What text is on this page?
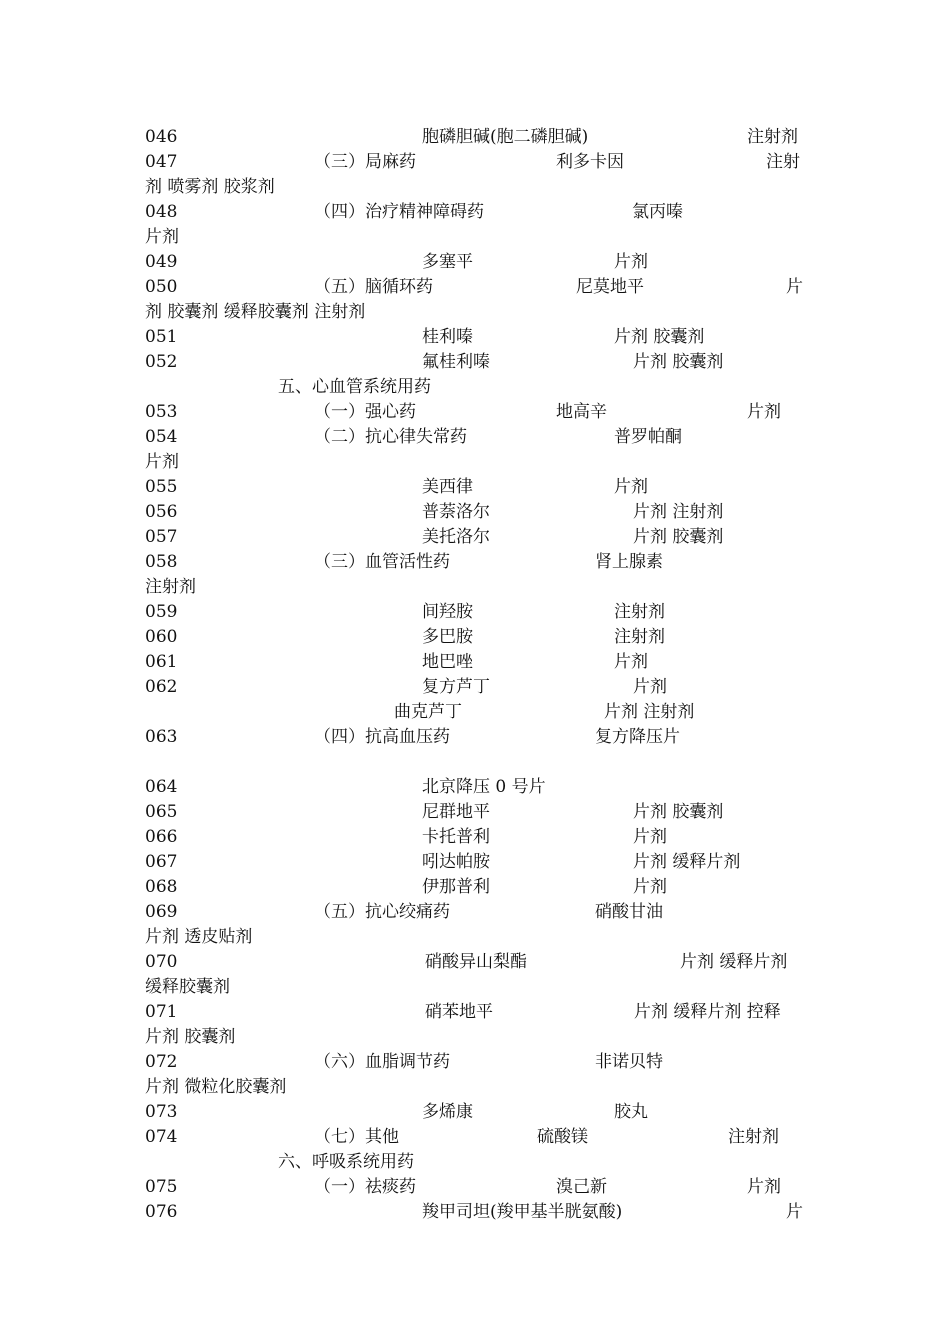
046	胞磷胆碱(胞二磷胆碱)	注射剂
047	（三）局麻药	利多卡因	注射
剂 喷雾剂 胶浆剂
048	（四）治疗精神障碍药	氯丙嗪
片剂
049	多塞平	片剂
050	（五）脑循环药	尼莫地平	片
剂 胶囊剂 缓释胶囊剂 注射剂
051	桂利嗪	片剂 胶囊剂
052	氟桂利嗪	片剂 胶囊剂
五、心血管系统用药
053	（一）强心药	地高辛	片剂
054	（二）抗心律失常药	普罗帕酮
片剂
055	美西律	片剂
056	普萘洛尔	片剂 注射剂
057	美托洛尔	片剂 胶囊剂
058	（三）血管活性药	肾上腺素
注射剂
059	间羟胺	注射剂
060	多巴胺	注射剂
061	地巴唑	片剂
062	复方芦丁	片剂
曲克芦丁	片剂 注射剂
063	（四）抗高血压药	复方降压片
064	北京降压 0 号片
065	尼群地平	片剂 胶囊剂
066	卡托普利	片剂
067	吲达帕胺	片剂 缓释片剂
068	伊那普利	片剂
069	（五）抗心绞痛药	硝酸甘油
片剂 透皮贴剂
070	硝酸异山梨酯	片剂 缓释片剂
缓释胶囊剂
071	硝苯地平	片剂 缓释片剂 控释
片剂 胶囊剂
072	（六）血脂调节药	非诺贝特
片剂 微粒化胶囊剂
073	多烯康	胶丸
074	（七）其他	硫酸镁	注射剂
六、呼吸系统用药
075	（一）祛痰药	溴己新	片剂
076	羧甲司坦(羧甲基半胱氨酸)	片
